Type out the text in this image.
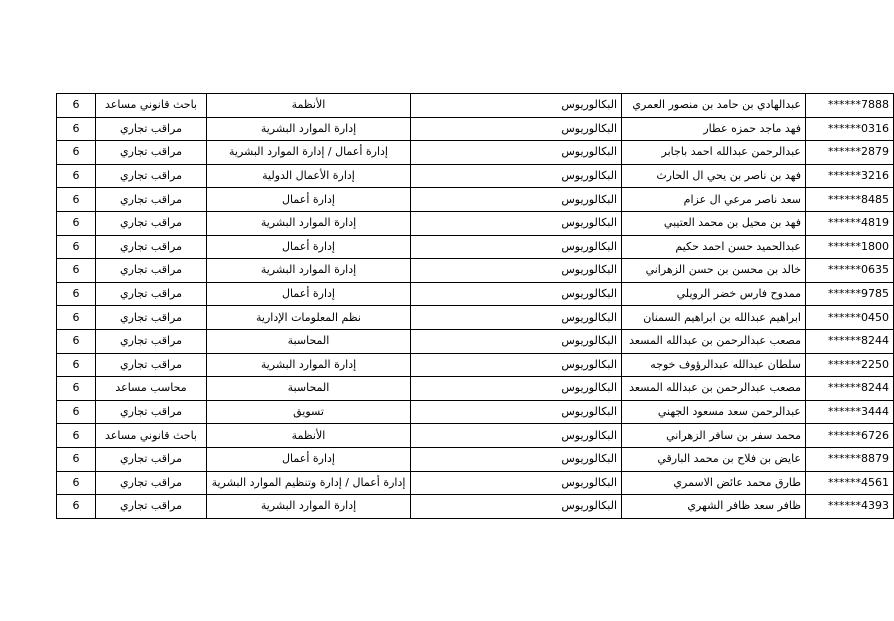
6	باحث قانوني مساعد	الأنظمة	البكالوريوس	عبدالهادي بن حامد بن منصور العمري	******7888
6	مراقب تجاري	إدارة الموارد البشرية	البكالوريوس	فهد ماجد حمزه عطار	******0316
6	مراقب تجاري	إدارة أعمال / إدارة الموارد البشرية	البكالوريوس	عبدالرحمن عبدالله احمد باجابر	******2879
6	مراقب تجاري	إدارة الأعمال الدولية	البكالوريوس	فهد بن ناصر بن يحي ال الحارث	******3216
6	مراقب تجاري	إدارة أعمال	البكالوريوس	سعد ناصر مرعي ال عزام	******8485
6	مراقب تجاري	إدارة الموارد البشرية	البكالوريوس	فهد بن محيل بن محمد العتيبي	******4819
6	مراقب تجاري	إدارة أعمال	البكالوريوس	عبدالحميد حسن احمد حكيم	******1800
6	مراقب تجاري	إدارة الموارد البشرية	البكالوريوس	خالد بن محسن بن حسن الزهراني	******0635
6	مراقب تجاري	إدارة أعمال	البكالوريوس	ممدوح فارس خضر الرويلي	******9785
6	مراقب تجاري	نظم المعلومات الإدارية	البكالوريوس	ابراهيم عبدالله بن ابراهيم السمنان	******0450
6	مراقب تجاري	المحاسبة	البكالوريوس	مصعب عبدالرحمن بن عبدالله المسعد	******8244
6	مراقب تجاري	إدارة الموارد البشرية	البكالوريوس	سلطان عبدالله عبدالرؤوف خوجه	******2250
6	محاسب مساعد	المحاسبة	البكالوريوس	مصعب عبدالرحمن بن عبدالله المسعد	******8244
6	مراقب تجاري	تسويق	البكالوريوس	عبدالرحمن سعد مسعود الجهني	******3444
6	باحث قانوني مساعد	الأنظمة	البكالوريوس	محمد سفر بن سافر الزهراني	******6726
6	مراقب تجاري	إدارة أعمال	البكالوريوس	عايض بن فلاح بن محمد البارقي	******8879
6	مراقب تجاري	إدارة أعمال / إدارة وتنظيم الموارد البشرية	البكالوريوس	طارق محمد عائض الاسمري	******4561
6	مراقب تجاري	إدارة الموارد البشرية	البكالوريوس	ظافر سعد ظافر الشهري	******4393
